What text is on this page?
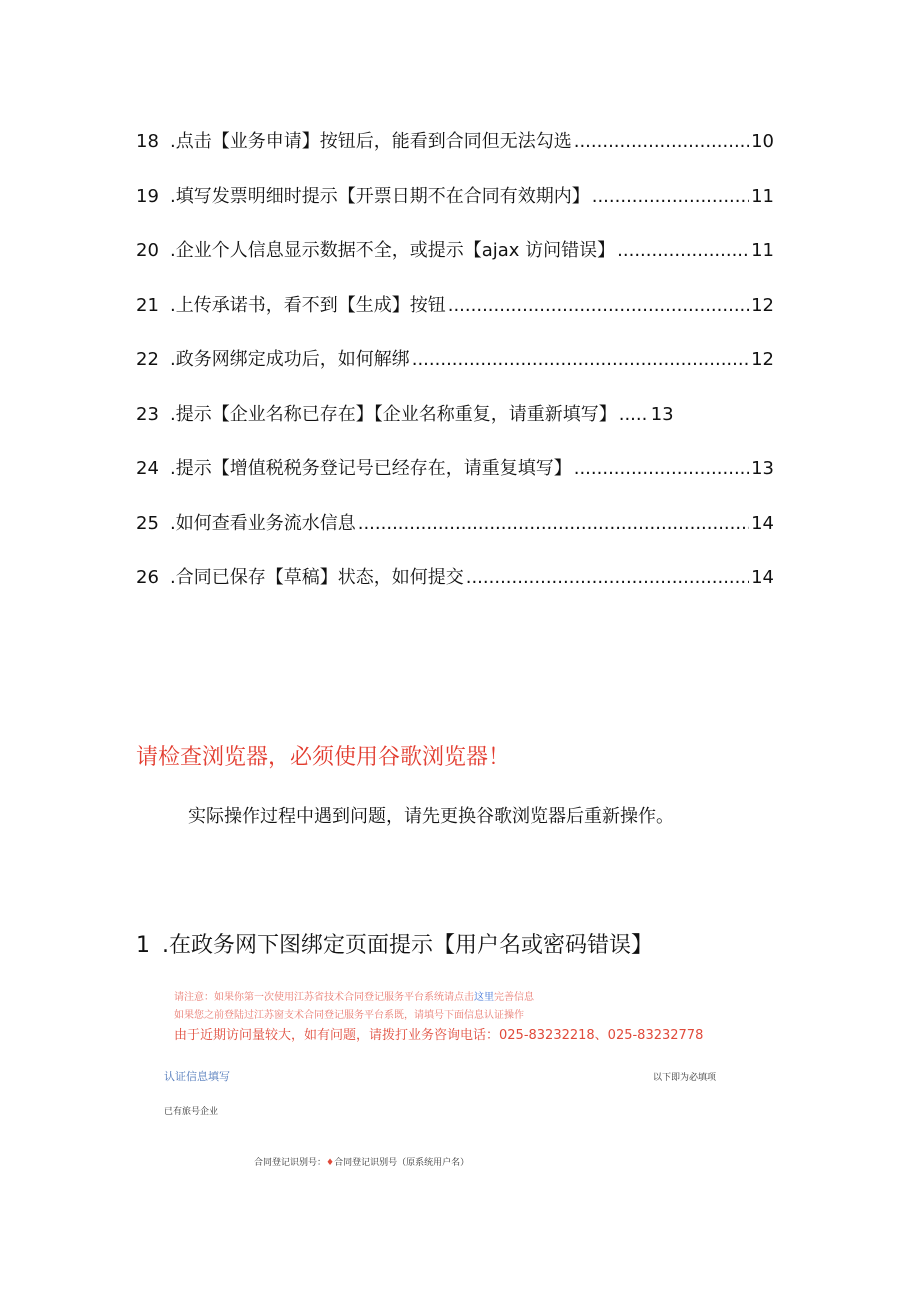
18 .点击【业务申请】按钮后，能看到合同但无法勾选 .....	10
19 .填写发票明细时提示【开票日期不在合同有效期内】 .....	11
20 .企业个人信息显示数据不全，或提示【ajax 访问错误】 .....	11
21 .上传承诺书，看不到【生成】按钮 .....	12
22 .政务网绑定成功后，如何解绑 .....	12
23 .提示【企业名称已存在】【企业名称重复，请重新填写】 ..... 13
24 .提示【增值税税务登记号已经存在，请重复填写】 .....	13
25 .如何查看业务流水信息 .....	14
26 .合同已保存【草稿】状态，如何提交 .....	14
请检查浏览器，必须使用谷歌浏览器！
实际操作过程中遇到问题，请先更换谷歌浏览器后重新操作。
1 .在政务网下图绑定页面提示【用户名或密码错误】
请注意：如果你第一次使用江苏省技术合同登记服务平台系统请点击这里完善信息
如果您之前登陆过江苏窗支术合同登记服务平台系既，请填号下面信息认证操作
由于近期访问量较大，如有问题，请拨打业务咨询电话：025-83232218、025-83232778
认证信息填写	以下即为必填项
已有旅号企业
合同登记识别号：♦合同登记识别号（原系统用户名）
